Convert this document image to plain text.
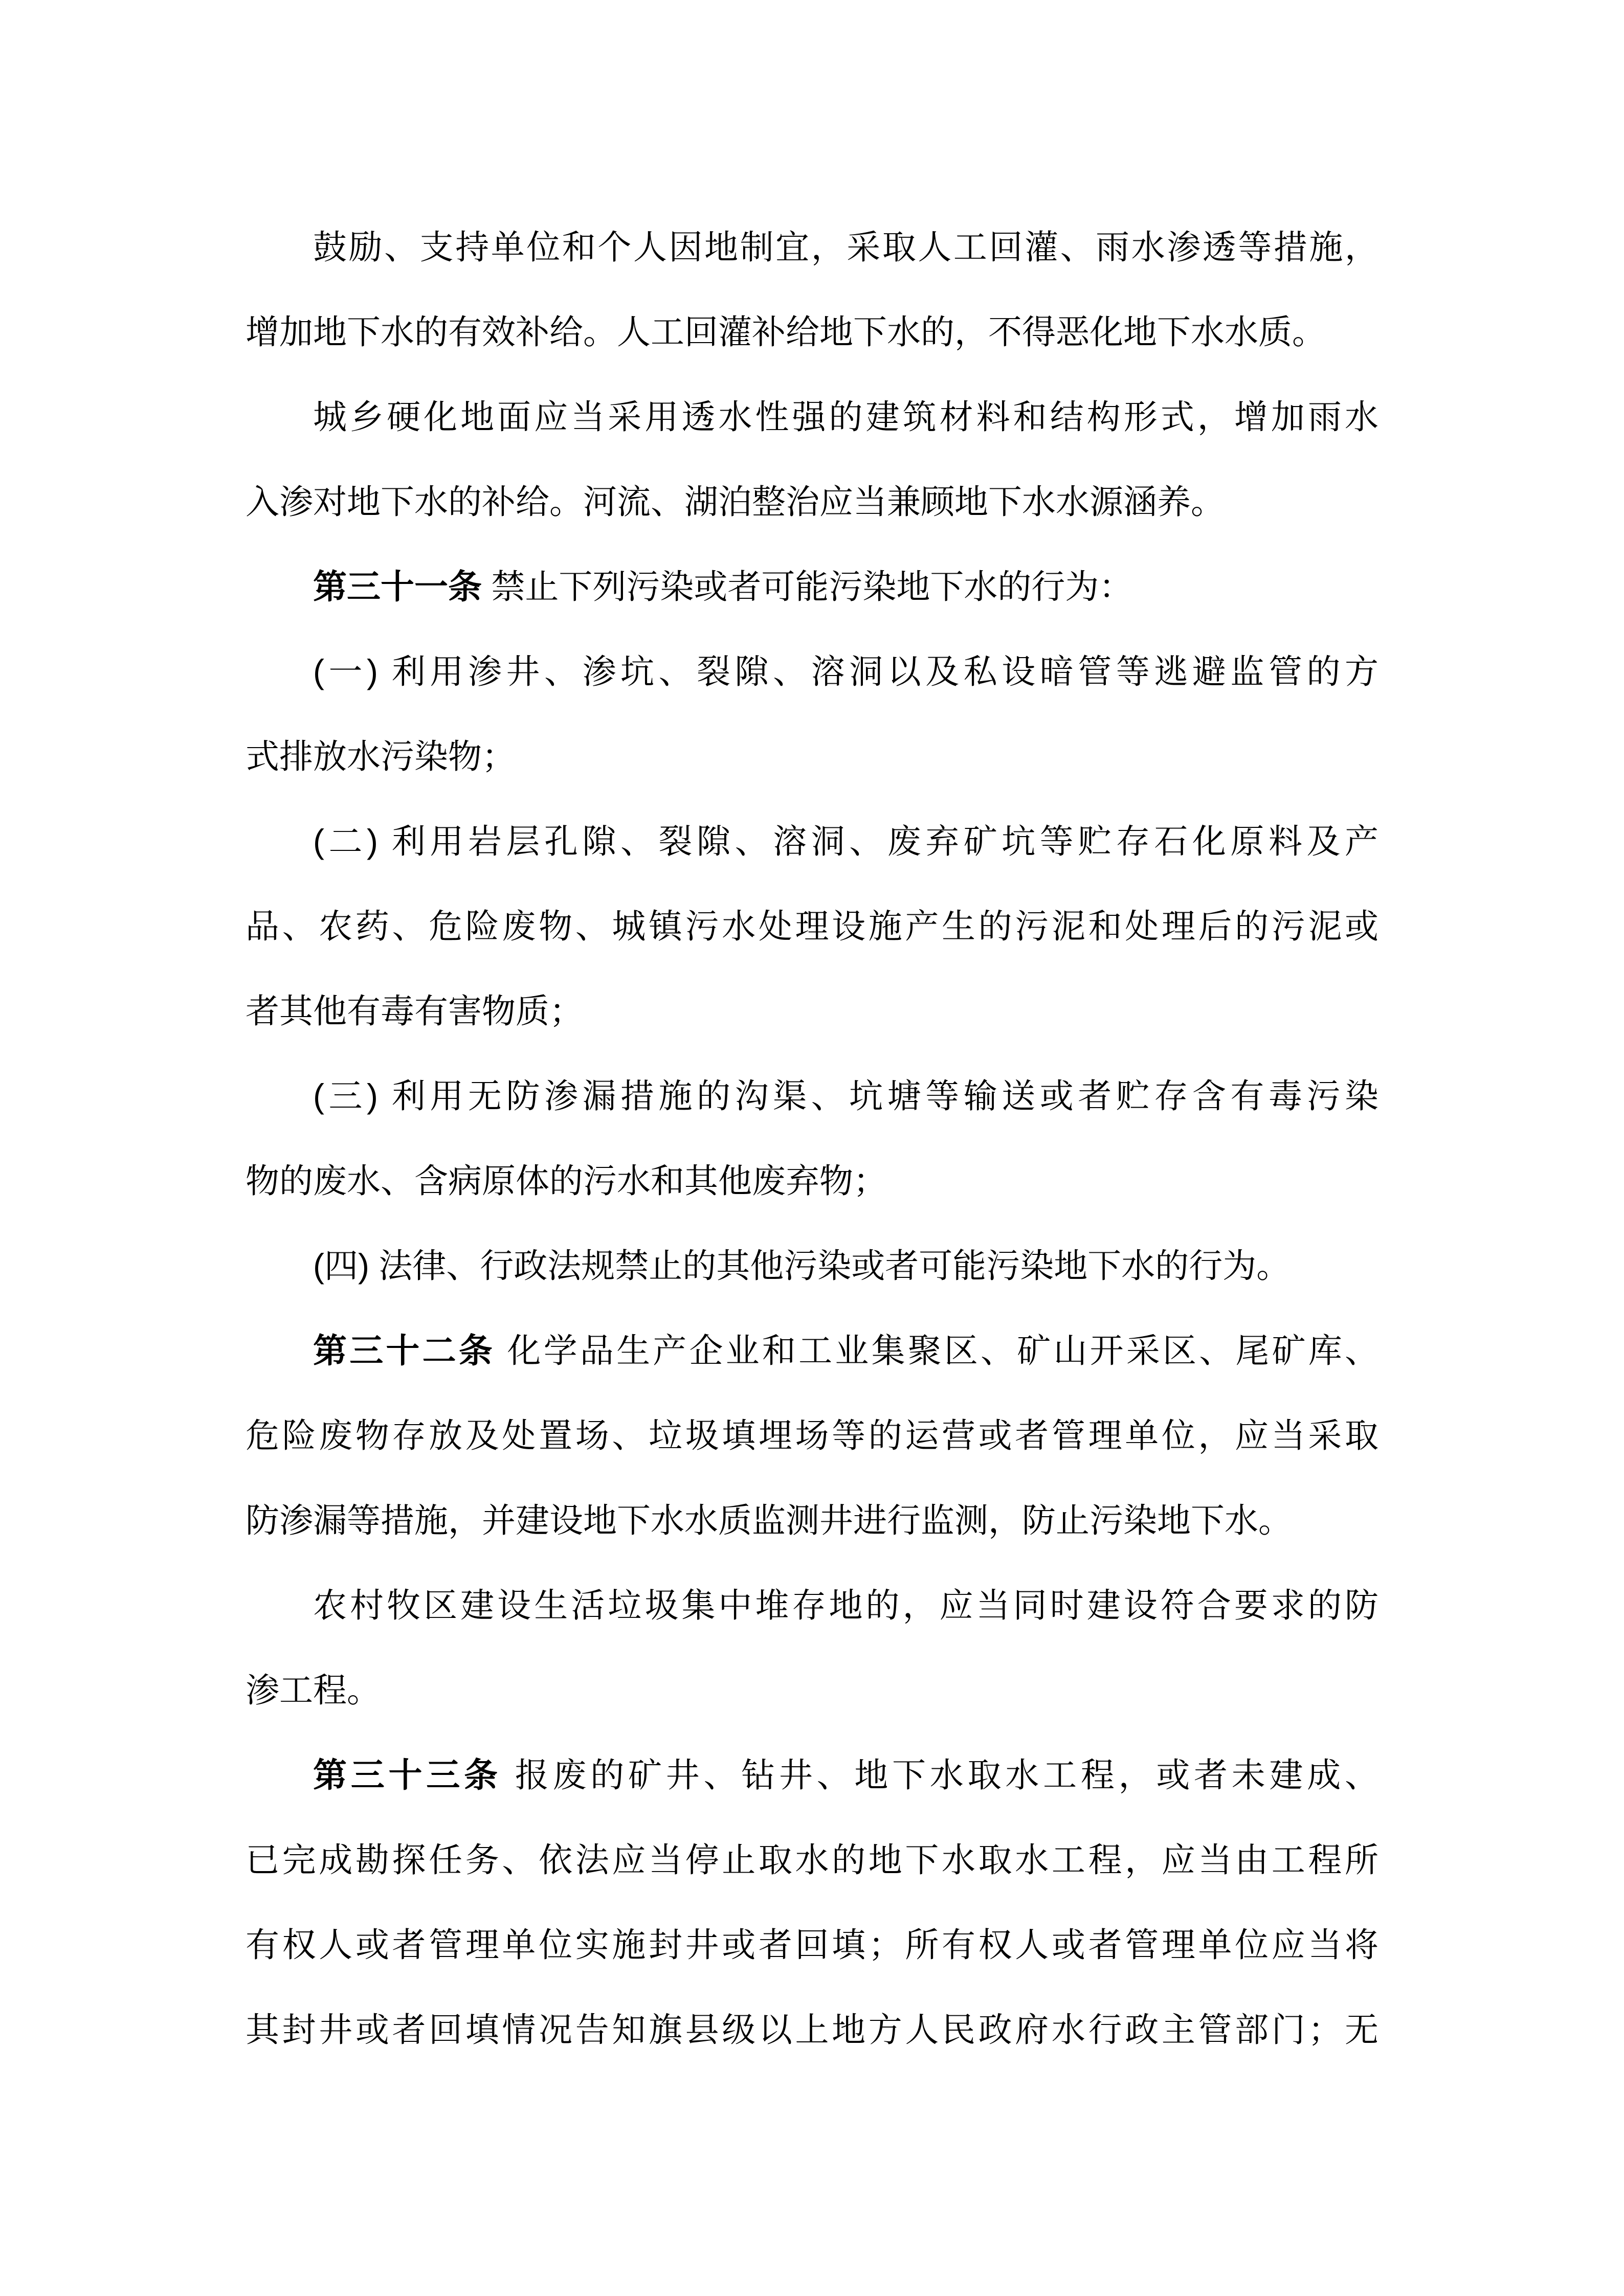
鼓励、支持单位和个人因地制宜，采取人工回灌、雨水渗透等措施，
增加地下水的有效补给。人工回灌补给地下水的，不得恶化地下水水质。
城乡硬化地面应当采用透水性强的建筑材料和结构形式，增加雨水
入渗对地下水的补给。河流、湖泊整治应当兼顾地下水水源涵养。
第三十一条 禁止下列污染或者可能污染地下水的行为：
(一) 利用渗井、渗坑、裂隙、溶洞以及私设暗管等逃避监管的方
式排放水污染物；
(二) 利用岩层孔隙、裂隙、溶洞、废弃矿坑等贮存石化原料及产
品、农药、危险废物、城镇污水处理设施产生的污泥和处理后的污泥或
者其他有毒有害物质；
(三) 利用无防渗漏措施的沟渠、坑塘等输送或者贮存含有毒污染
物的废水、含病原体的污水和其他废弃物；
(四) 法律、行政法规禁止的其他污染或者可能污染地下水的行为。
第三十二条 化学品生产企业和工业集聚区、矿山开采区、尾矿库、
危险废物存放及处置场、垃圾填埋场等的运营或者管理单位，应当采取
防渗漏等措施，并建设地下水水质监测井进行监测，防止污染地下水。
农村牧区建设生活垃圾集中堆存地的，应当同时建设符合要求的防
渗工程。
第三十三条 报废的矿井、钻井、地下水取水工程，或者未建成、
已完成勘探任务、依法应当停止取水的地下水取水工程，应当由工程所
有权人或者管理单位实施封井或者回填；所有权人或者管理单位应当将
其封井或者回填情况告知旗县级以上地方人民政府水行政主管部门；无
